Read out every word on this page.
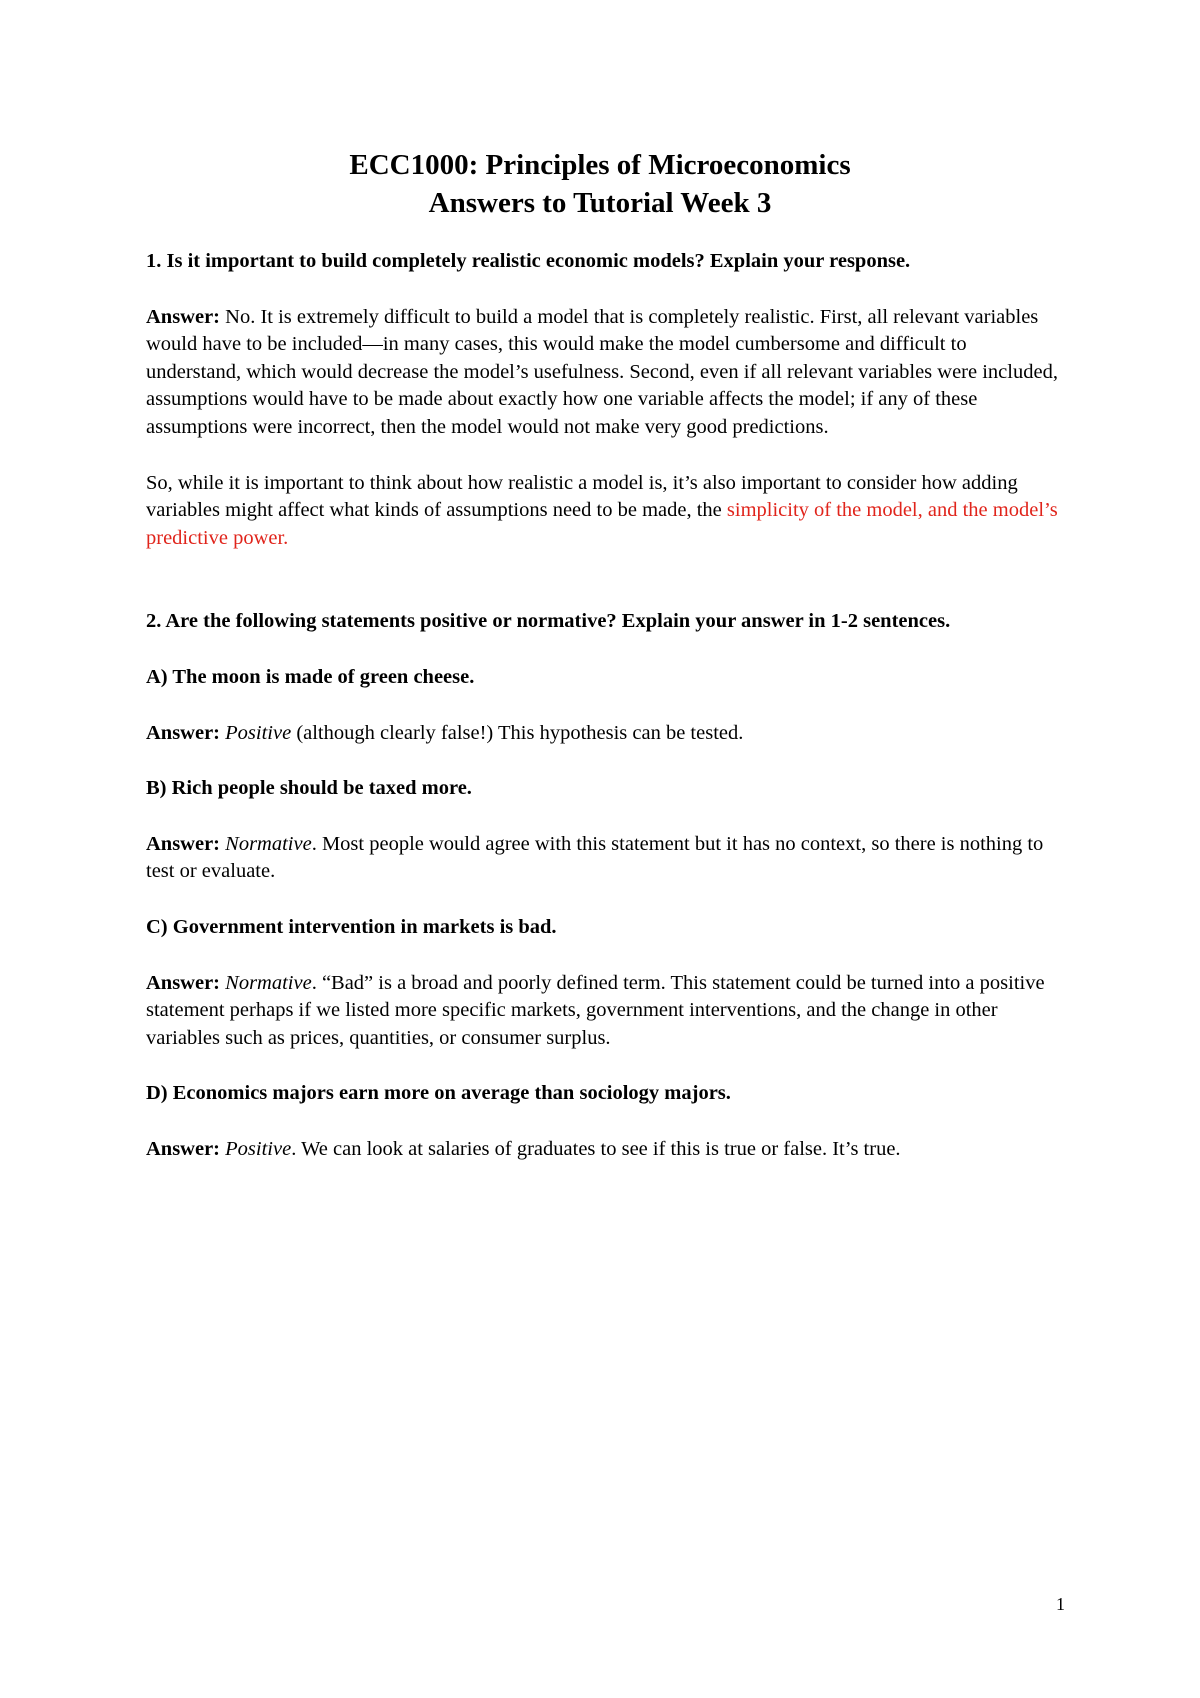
ECC1000: Principles of Microeconomics
Answers to Tutorial Week 3

1. Is it important to build completely realistic economic models? Explain your response.

Answer: No. It is extremely difficult to build a model that is completely realistic. First, all relevant variables would have to be included—in many cases, this would make the model cumbersome and difficult to understand, which would decrease the model’s usefulness. Second, even if all relevant variables were included, assumptions would have to be made about exactly how one variable affects the model; if any of these assumptions were incorrect, then the model would not make very good predictions.

So, while it is important to think about how realistic a model is, it’s also important to consider how adding variables might affect what kinds of assumptions need to be made, the simplicity of the model, and the model’s predictive power.

2. Are the following statements positive or normative? Explain your answer in 1-2 sentences.

A) The moon is made of green cheese.

Answer: Positive (although clearly false!) This hypothesis can be tested.

B) Rich people should be taxed more.

Answer: Normative. Most people would agree with this statement but it has no context, so there is nothing to test or evaluate.

C) Government intervention in markets is bad.

Answer: Normative. “Bad” is a broad and poorly defined term. This statement could be turned into a positive statement perhaps if we listed more specific markets, government interventions, and the change in other variables such as prices, quantities, or consumer surplus.

D) Economics majors earn more on average than sociology majors.

Answer: Positive. We can look at salaries of graduates to see if this is true or false. It’s true.

1
